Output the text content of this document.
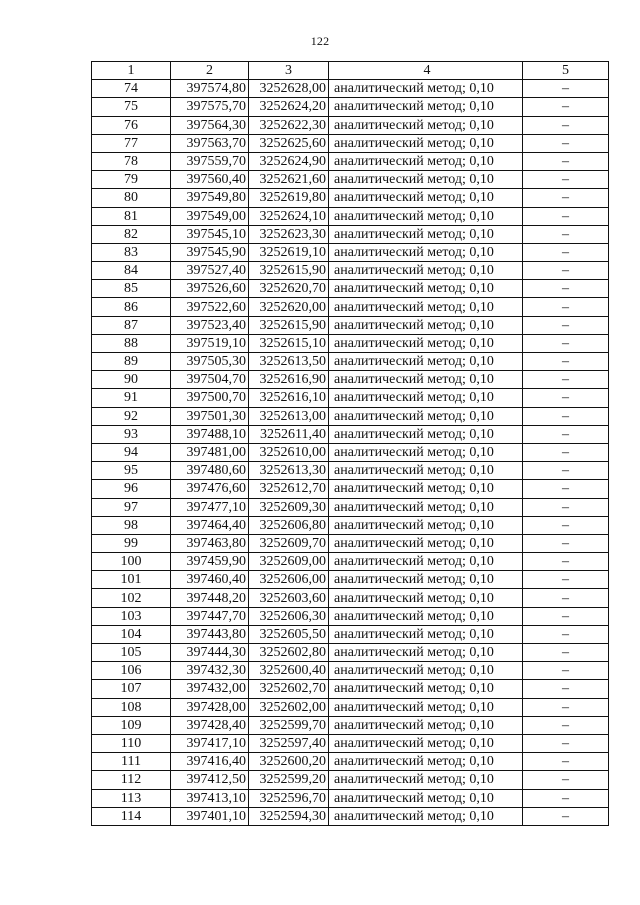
122
1	2	3	4	5
74	397574,80	3252628,00	аналитический метод; 0,10	–
75	397575,70	3252624,20	аналитический метод; 0,10	–
76	397564,30	3252622,30	аналитический метод; 0,10	–
77	397563,70	3252625,60	аналитический метод; 0,10	–
78	397559,70	3252624,90	аналитический метод; 0,10	–
79	397560,40	3252621,60	аналитический метод; 0,10	–
80	397549,80	3252619,80	аналитический метод; 0,10	–
81	397549,00	3252624,10	аналитический метод; 0,10	–
82	397545,10	3252623,30	аналитический метод; 0,10	–
83	397545,90	3252619,10	аналитический метод; 0,10	–
84	397527,40	3252615,90	аналитический метод; 0,10	–
85	397526,60	3252620,70	аналитический метод; 0,10	–
86	397522,60	3252620,00	аналитический метод; 0,10	–
87	397523,40	3252615,90	аналитический метод; 0,10	–
88	397519,10	3252615,10	аналитический метод; 0,10	–
89	397505,30	3252613,50	аналитический метод; 0,10	–
90	397504,70	3252616,90	аналитический метод; 0,10	–
91	397500,70	3252616,10	аналитический метод; 0,10	–
92	397501,30	3252613,00	аналитический метод; 0,10	–
93	397488,10	3252611,40	аналитический метод; 0,10	–
94	397481,00	3252610,00	аналитический метод; 0,10	–
95	397480,60	3252613,30	аналитический метод; 0,10	–
96	397476,60	3252612,70	аналитический метод; 0,10	–
97	397477,10	3252609,30	аналитический метод; 0,10	–
98	397464,40	3252606,80	аналитический метод; 0,10	–
99	397463,80	3252609,70	аналитический метод; 0,10	–
100	397459,90	3252609,00	аналитический метод; 0,10	–
101	397460,40	3252606,00	аналитический метод; 0,10	–
102	397448,20	3252603,60	аналитический метод; 0,10	–
103	397447,70	3252606,30	аналитический метод; 0,10	–
104	397443,80	3252605,50	аналитический метод; 0,10	–
105	397444,30	3252602,80	аналитический метод; 0,10	–
106	397432,30	3252600,40	аналитический метод; 0,10	–
107	397432,00	3252602,70	аналитический метод; 0,10	–
108	397428,00	3252602,00	аналитический метод; 0,10	–
109	397428,40	3252599,70	аналитический метод; 0,10	–
110	397417,10	3252597,40	аналитический метод; 0,10	–
111	397416,40	3252600,20	аналитический метод; 0,10	–
112	397412,50	3252599,20	аналитический метод; 0,10	–
113	397413,10	3252596,70	аналитический метод; 0,10	–
114	397401,10	3252594,30	аналитический метод; 0,10	–
